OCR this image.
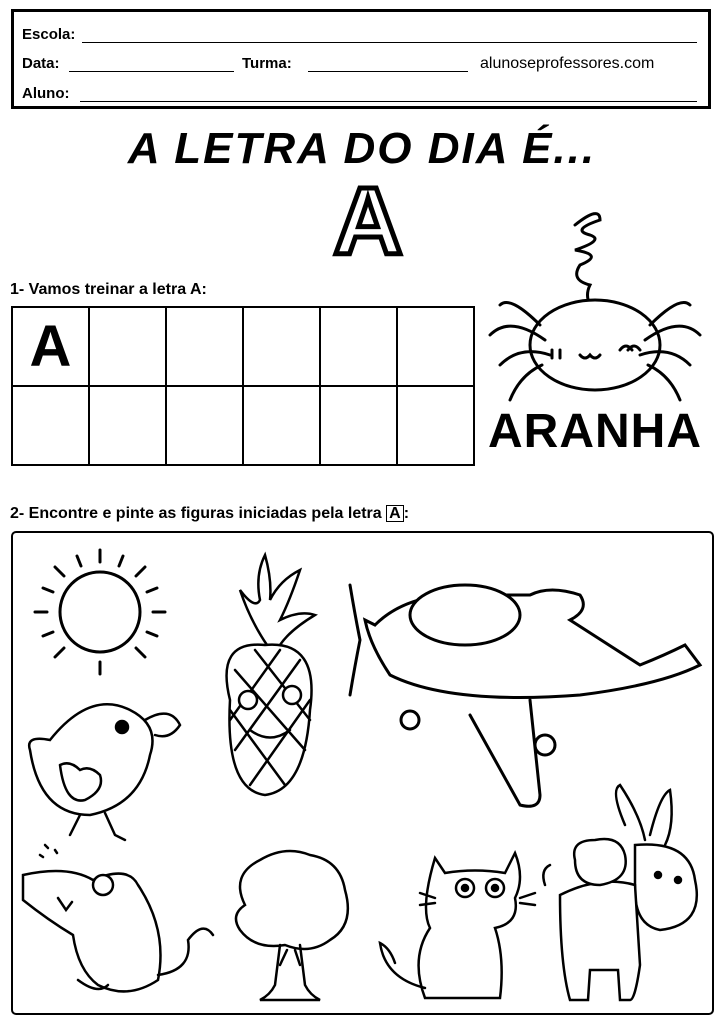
Escola:
Data:	Turma:	alunoseprofessores.com
Aluno:
A LETRA DO DIA É...
A
1- Vamos treinar a letra A:
A					

ARANHA
2- Encontre e pinte as figuras iniciadas pela letra A :
